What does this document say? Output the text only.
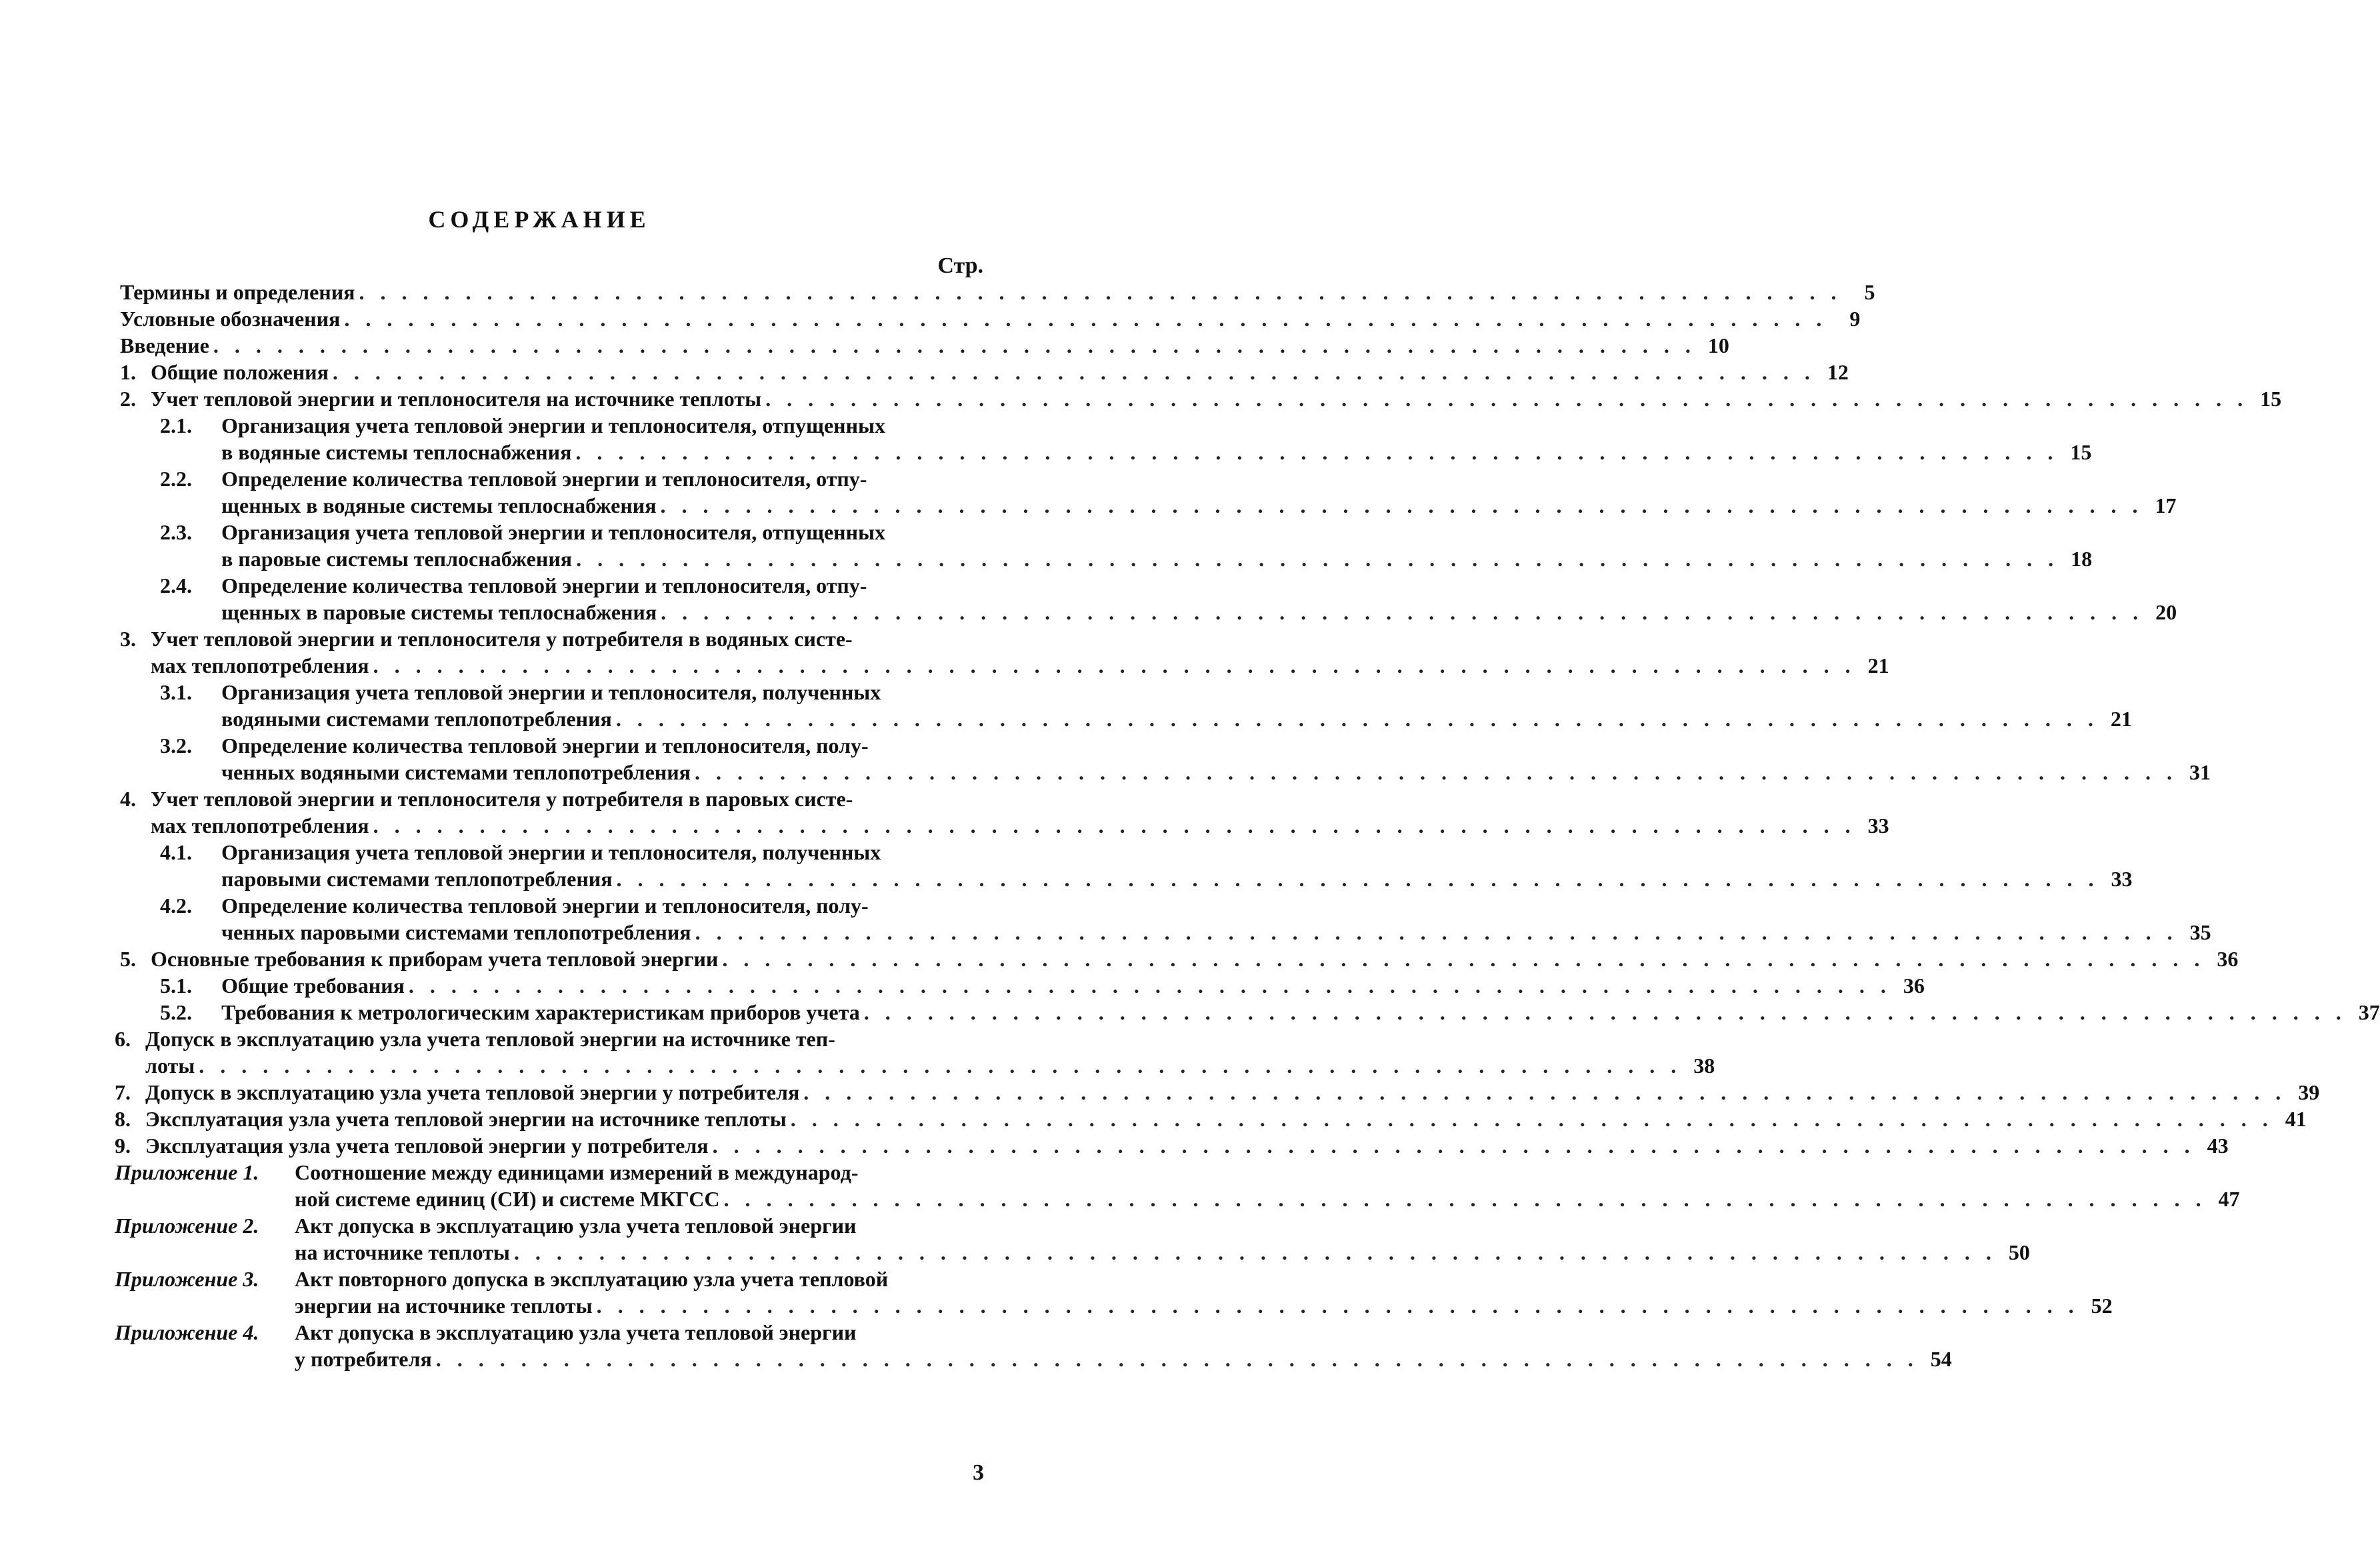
СОДЕРЖАНИЕ
Стр.
Термины и определения . . . . . . . . . . . . . . . . . . . . . . . . . . . . . . . . . . . . . . . . . . . . . . . . . . . . . . . . . . . . . . . . . . . . . .	5
Условные обозначения . . . . . . . . . . . . . . . . . . . . . . . . . . . . . . . . . . . . . . . . . . . . . . . . . . . . . . . . . . . . . . . . . . . . . .	9
Введение . . . . . . . . . . . . . . . . . . . . . . . . . . . . . . . . . . . . . . . . . . . . . . . . . . . . . . . . . . . . . . . . . . . . . . 10
1. Общие положения . . . . . . . . . . . . . . . . . . . . . . . . . . . . . . . . . . . . . . . . . . . . . . . . . . . . . . . . . . . . . . . . . . . . . . 12
2. Учет тепловой энергии и теплоносителя на источнике теплоты . . . . . . . . . . . . . . . . . . . . . . . . . . . . . . . . . . . . . . . . . . . . . . . . . . . . . . . . . . . . . . . . . . . . . . 15
2.1.	Организация учета тепловой энергии и теплоносителя, отпущенных
в водяные системы теплоснабжения . . . . . . . . . . . . . . . . . . . . . . . . . . . . . . . . . . . . . . . . . . . . . . . . . . . . . . . . . . . . . . . . . . . . . . 15
2.2.	Определение количества тепловой энергии и теплоносителя, отпу-
щенных в водяные системы теплоснабжения . . . . . . . . . . . . . . . . . . . . . . . . . . . . . . . . . . . . . . . . . . . . . . . . . . . . . . . . . . . . . . . . . . . . . . 17
2.3.	Организация учета тепловой энергии и теплоносителя, отпущенных
в паровые системы теплоснабжения . . . . . . . . . . . . . . . . . . . . . . . . . . . . . . . . . . . . . . . . . . . . . . . . . . . . . . . . . . . . . . . . . . . . . . 18
2.4.	Определение количества тепловой энергии и теплоносителя, отпу-
щенных в паровые системы теплоснабжения . . . . . . . . . . . . . . . . . . . . . . . . . . . . . . . . . . . . . . . . . . . . . . . . . . . . . . . . . . . . . . . . . . . . . . 20
3. Учет тепловой энергии и теплоносителя у потребителя в водяных систе-
мах теплопотребления . . . . . . . . . . . . . . . . . . . . . . . . . . . . . . . . . . . . . . . . . . . . . . . . . . . . . . . . . . . . . . . . . . . . . . 21
3.1.	Организация учета тепловой энергии и теплоносителя, полученных
водяными системами теплопотребления . . . . . . . . . . . . . . . . . . . . . . . . . . . . . . . . . . . . . . . . . . . . . . . . . . . . . . . . . . . . . . . . . . . . . . 21
3.2.	Определение количества тепловой энергии и теплоносителя, полу-
ченных водяными системами теплопотребления . . . . . . . . . . . . . . . . . . . . . . . . . . . . . . . . . . . . . . . . . . . . . . . . . . . . . . . . . . . . . . . . . . . . . . 31
4. Учет тепловой энергии и теплоносителя у потребителя в паровых систе-
мах теплопотребления . . . . . . . . . . . . . . . . . . . . . . . . . . . . . . . . . . . . . . . . . . . . . . . . . . . . . . . . . . . . . . . . . . . . . . 33
4.1.	Организация учета тепловой энергии и теплоносителя, полученных
паровыми системами теплопотребления . . . . . . . . . . . . . . . . . . . . . . . . . . . . . . . . . . . . . . . . . . . . . . . . . . . . . . . . . . . . . . . . . . . . . . 33
4.2.	Определение количества тепловой энергии и теплоносителя, полу-
ченных паровыми системами теплопотребления . . . . . . . . . . . . . . . . . . . . . . . . . . . . . . . . . . . . . . . . . . . . . . . . . . . . . . . . . . . . . . . . . . . . . . 35
5. Основные требования к приборам учета тепловой энергии . . . . . . . . . . . . . . . . . . . . . . . . . . . . . . . . . . . . . . . . . . . . . . . . . . . . . . . . . . . . . . . . . . . . . . 36
5.1.	Общие требования . . . . . . . . . . . . . . . . . . . . . . . . . . . . . . . . . . . . . . . . . . . . . . . . . . . . . . . . . . . . . . . . . . . . . . 36
5.2.	Требования к метрологическим характеристикам приборов учета . . . . . . . . . . . . . . . . . . . . . . . . . . . . . . . . . . . . . . . . . . . . . . . . . . . . . . . . . . . . . . . . . . . . . . 37
6. Допуск в эксплуатацию узла учета тепловой энергии на источнике теп-
лоты . . . . . . . . . . . . . . . . . . . . . . . . . . . . . . . . . . . . . . . . . . . . . . . . . . . . . . . . . . . . . . . . . . . . . . 38
7. Допуск в эксплуатацию узла учета тепловой энергии у потребителя . . . . . . . . . . . . . . . . . . . . . . . . . . . . . . . . . . . . . . . . . . . . . . . . . . . . . . . . . . . . . . . . . . . . . . 39
8. Эксплуатация узла учета тепловой энергии на источнике теплоты . . . . . . . . . . . . . . . . . . . . . . . . . . . . . . . . . . . . . . . . . . . . . . . . . . . . . . . . . . . . . . . . . . . . . . 41
9. Эксплуатация узла учета тепловой энергии у потребителя . . . . . . . . . . . . . . . . . . . . . . . . . . . . . . . . . . . . . . . . . . . . . . . . . . . . . . . . . . . . . . . . . . . . . . 43
Приложение 1.	Соотношение между единицами измерений в международ-
ной системе единиц (СИ) и системе МКГСС . . . . . . . . . . . . . . . . . . . . . . . . . . . . . . . . . . . . . . . . . . . . . . . . . . . . . . . . . . . . . . . . . . . . . . 47
Приложение 2.	Акт допуска в эксплуатацию узла учета тепловой энергии
на источнике теплоты . . . . . . . . . . . . . . . . . . . . . . . . . . . . . . . . . . . . . . . . . . . . . . . . . . . . . . . . . . . . . . . . . . . . . . 50
Приложение 3.	Акт повторного допуска в эксплуатацию узла учета тепловой
энергии на источнике теплоты . . . . . . . . . . . . . . . . . . . . . . . . . . . . . . . . . . . . . . . . . . . . . . . . . . . . . . . . . . . . . . . . . . . . . . 52
Приложение 4.	Акт допуска в эксплуатацию узла учета тепловой энергии
у потребителя . . . . . . . . . . . . . . . . . . . . . . . . . . . . . . . . . . . . . . . . . . . . . . . . . . . . . . . . . . . . . . . . . . . . . . 54
3
